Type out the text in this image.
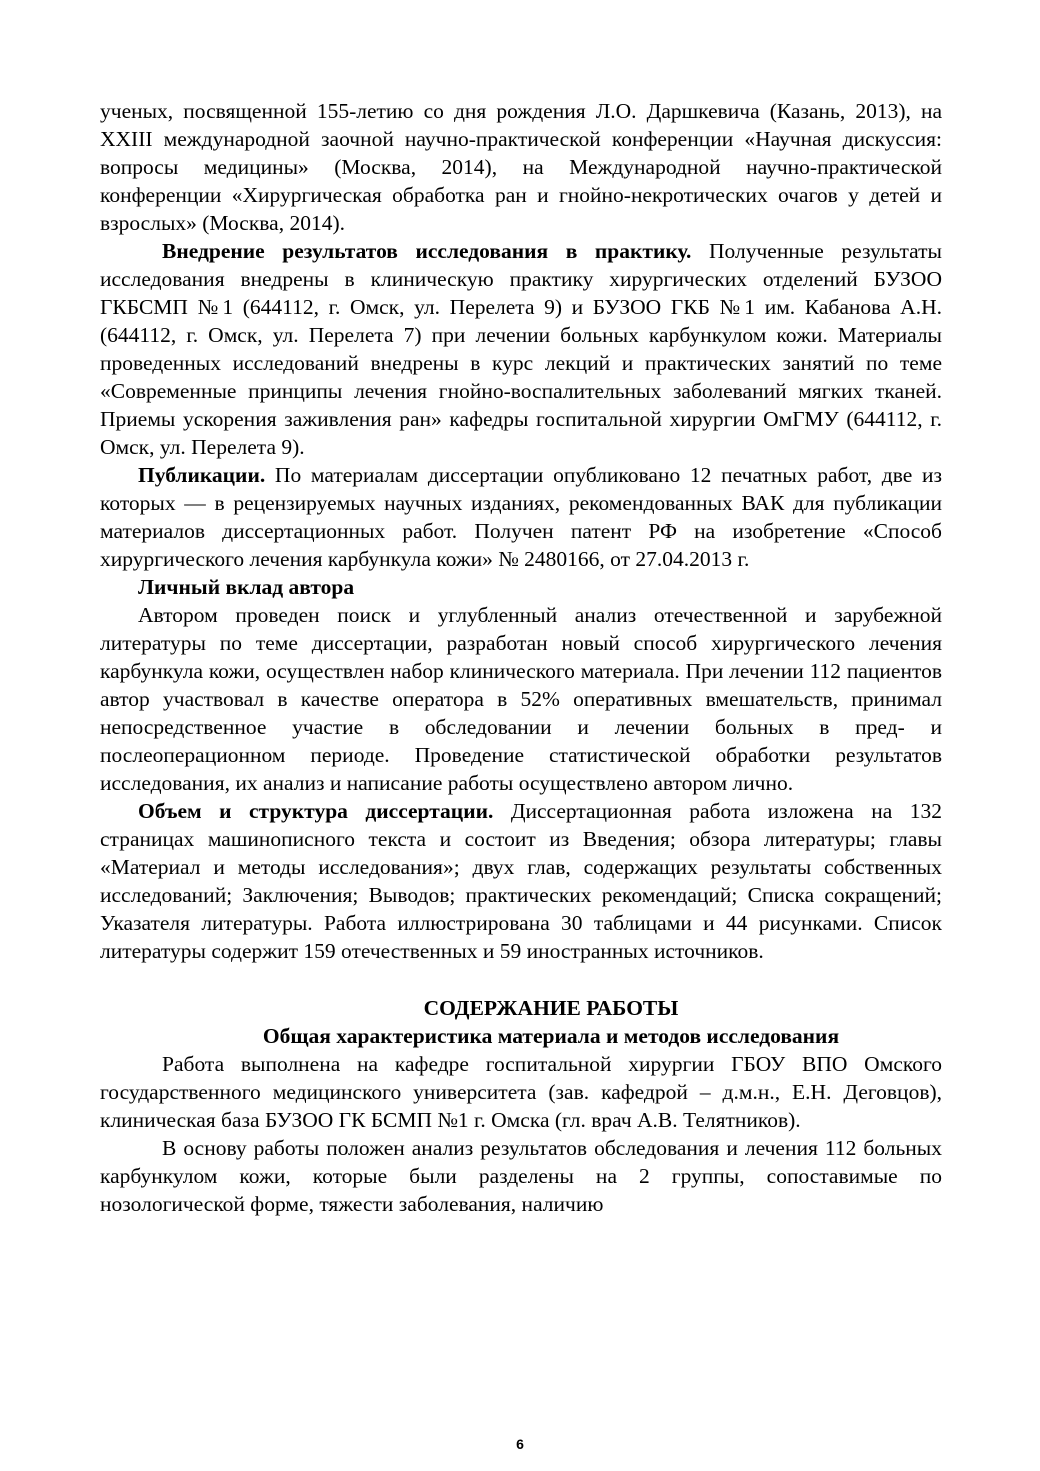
ученых, посвященной 155-летию со дня рождения Л.О. Даршкевича (Казань, 2013), на XXIII международной заочной научно-практической конференции «Научная дискуссия: вопросы медицины» (Москва, 2014), на Международной научно-практической конференции «Хирургическая обработка ран и гнойно-некротических очагов у детей и взрослых» (Москва, 2014).

Внедрение результатов исследования в практику. Полученные результаты исследования внедрены в клиническую практику хирургических отделений БУЗОО ГКБСМП №1 (644112, г. Омск, ул. Перелета 9) и БУЗОО ГКБ №1 им. Кабанова А.Н. (644112, г. Омск, ул. Перелета 7) при лечении больных карбункулом кожи. Материалы проведенных исследований внедрены в курс лекций и практических занятий по теме «Современные принципы лечения гнойно-воспалительных заболеваний мягких тканей. Приемы ускорения заживления ран» кафедры госпитальной хирургии ОмГМУ (644112, г. Омск, ул. Перелета 9).

Публикации. По материалам диссертации опубликовано 12 печатных работ, две из которых — в рецензируемых научных изданиях, рекомендованных ВАК для публикации материалов диссертационных работ. Получен патент РФ на изобретение «Способ хирургического лечения карбункула кожи» № 2480166, от 27.04.2013 г.

Личный вклад автора

Автором проведен поиск и углубленный анализ отечественной и зарубежной литературы по теме диссертации, разработан новый способ хирургического лечения карбункула кожи, осуществлен набор клинического материала. При лечении 112 пациентов автор участвовал в качестве оператора в 52% оперативных вмешательств, принимал непосредственное участие в обследовании и лечении больных в пред- и послеоперационном периоде. Проведение статистической обработки результатов исследования, их анализ и написание работы осуществлено автором лично.

Объем и структура диссертации. Диссертационная работа изложена на 132 страницах машинописного текста и состоит из Введения; обзора литературы; главы «Материал и методы исследования»; двух глав, содержащих результаты собственных исследований; Заключения; Выводов; практических рекомендаций; Списка сокращений; Указателя литературы. Работа иллюстрирована 30 таблицами и 44 рисунками. Список литературы содержит 159 отечественных и 59 иностранных источников.

СОДЕРЖАНИЕ РАБОТЫ
Общая характеристика материала и методов исследования

Работа выполнена на кафедре госпитальной хирургии ГБОУ ВПО Омского государственного медицинского университета (зав. кафедрой – д.м.н., Е.Н. Деговцов), клиническая база БУЗОО ГК БСМП №1 г. Омска (гл. врач А.В. Телятников).

В основу работы положен анализ результатов обследования и лечения 112 больных карбункулом кожи, которые были разделены на 2 группы, сопоставимые по нозологической форме, тяжести заболевания, наличию

6
